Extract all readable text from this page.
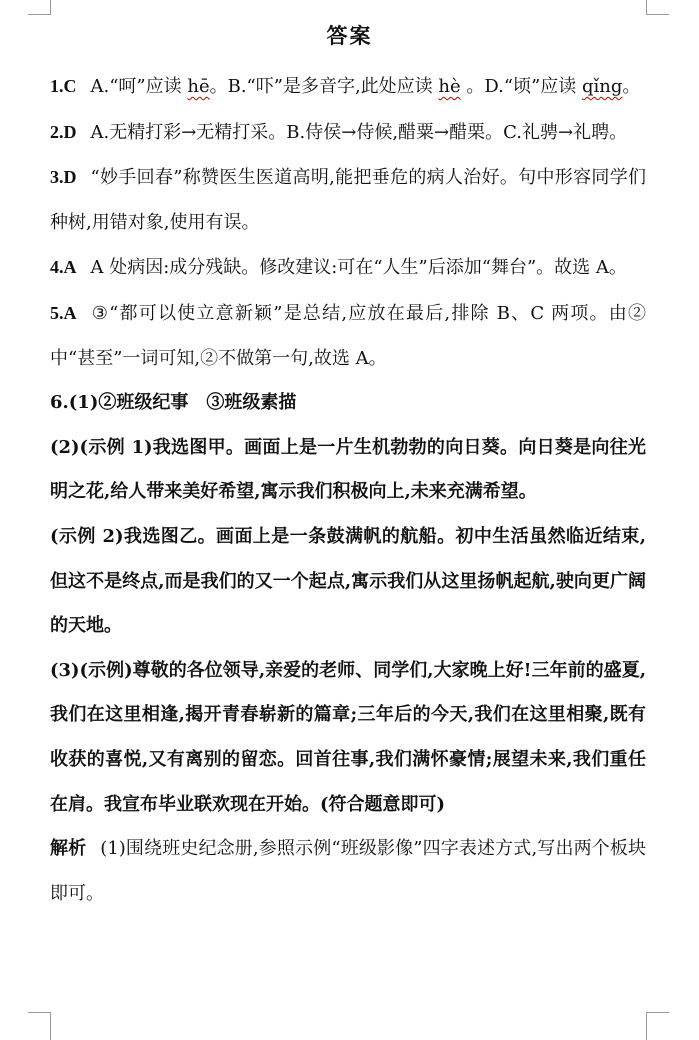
答案

1.C A.“呵”应读 hē。B.“吓”是多音字,此处应读 hè 。D.“顷”应读 qǐng。

2.D A.无精打彩→无精打采。B.侍侯→侍候,醋粟→醋栗。C.礼骋→礼聘。

3.D “妙手回春”称赞医生医道高明,能把垂危的病人治好。句中形容同学们种树,用错对象,使用有误。

4.A A 处病因:成分残缺。修改建议:可在“人生”后添加“舞台”。故选 A。

5.A ③“都可以使立意新颖”是总结,应放在最后,排除 B、C 两项。由②中“甚至”一词可知,②不做第一句,故选 A。

6.(1)②班级纪事　③班级素描

(2)(示例 1)我选图甲。画面上是一片生机勃勃的向日葵。向日葵是向往光明之花,给人带来美好希望,寓示我们积极向上,未来充满希望。

(示例 2)我选图乙。画面上是一条鼓满帆的航船。初中生活虽然临近结束,但这不是终点,而是我们的又一个起点,寓示我们从这里扬帆起航,驶向更广阔的天地。

(3)(示例)尊敬的各位领导,亲爱的老师、同学们,大家晚上好!三年前的盛夏,我们在这里相逢,揭开青春崭新的篇章;三年后的今天,我们在这里相聚,既有收获的喜悦,又有离别的留恋。回首往事,我们满怀豪情;展望未来,我们重任在肩。我宣布毕业联欢现在开始。(符合题意即可)

解析 (1)围绕班史纪念册,参照示例“班级影像”四字表述方式,写出两个板块即可。
